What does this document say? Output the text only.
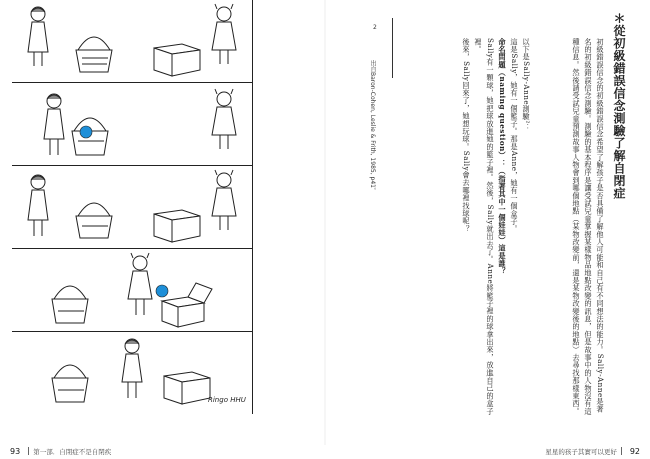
Ringo HHU
＊從初級錯誤信念測驗了解自閉症
初級錯誤信念的初級錯誤信念希望了解孩子是否具備了解他人可能和自己有不同想法的能力。Sally-Anne是著名的初級錯誤信念測驗。測驗的基本程序是讓受試兒童掌握某樣物品地點改變的訊息，但是故事中的人物沒有這種信息。然後請受試兒童預測故事人物會到哪個地點（某物改變前，還是某物改變後的地點）去尋找那樣東西。
以下是Sally-Anne測驗²：
這是Sally，她有一個籃子。那是Anne，她有一個盒子。
命名問題（naming question）：（指著其中一個娃娃）這是誰？
Sally有一顆球，她把球放進她的籃子裡。然後，Sally就出去了。Anne將籃子裡的球拿出來，放進自己的盒子裡。
後來，Sally回來了，她想玩球。Sally會去哪裡找球呢？
2
出自Baron-Cohen, Leslie & Frith, 1985, p41。
93 第一部．自閉症不是自閉疾	星星的孩子其實可以更好 92
